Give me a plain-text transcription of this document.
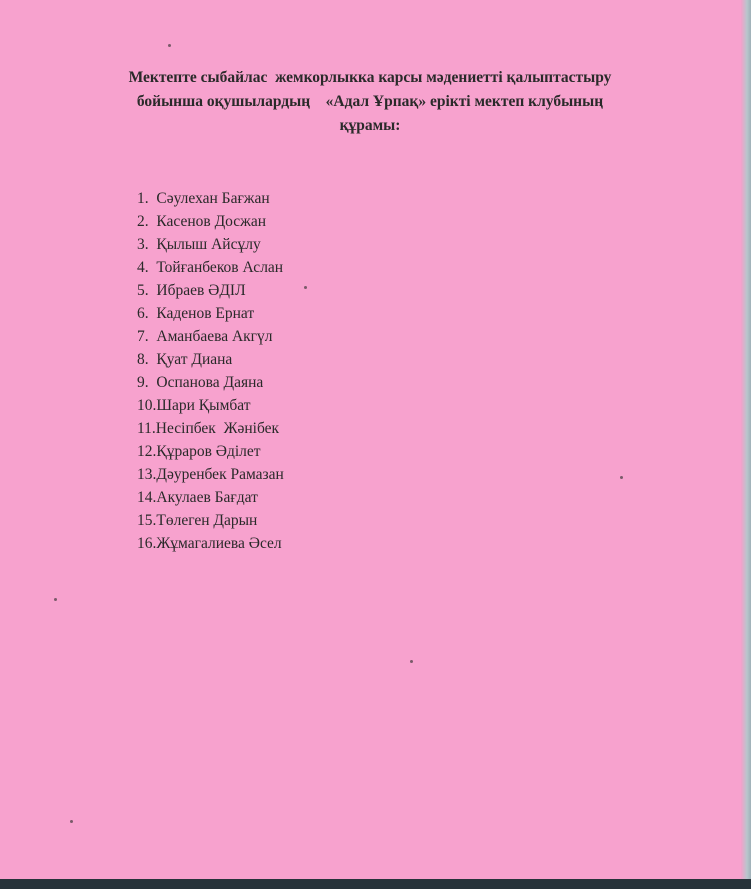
Мектепте сыбайлас  жемкорлыкка карсы мәдениетті қалыптастыру
бойынша оқушылардың    «Адал Ұрпақ» ерікті мектеп клубының
құрамы:
1.  Сәулехан Бағжан
2.  Касенов Досжан
3.  Қылыш Айсұлу
4.  Тойғанбеков Аслан
5.  Ибраев ӘДІЛ
6.  Каденов Ернат
7.  Аманбаева Акгүл
8.  Қуат Диана
9.  Оспанова Даяна
10.Шари Қымбат
11.Несіпбек  Жәнібек
12.Құраров Әділет
13.Дәуренбек Рамазан
14.Акулаев Бағдат
15.Төлеген Дарын
16.Жұмагалиева Әсел
